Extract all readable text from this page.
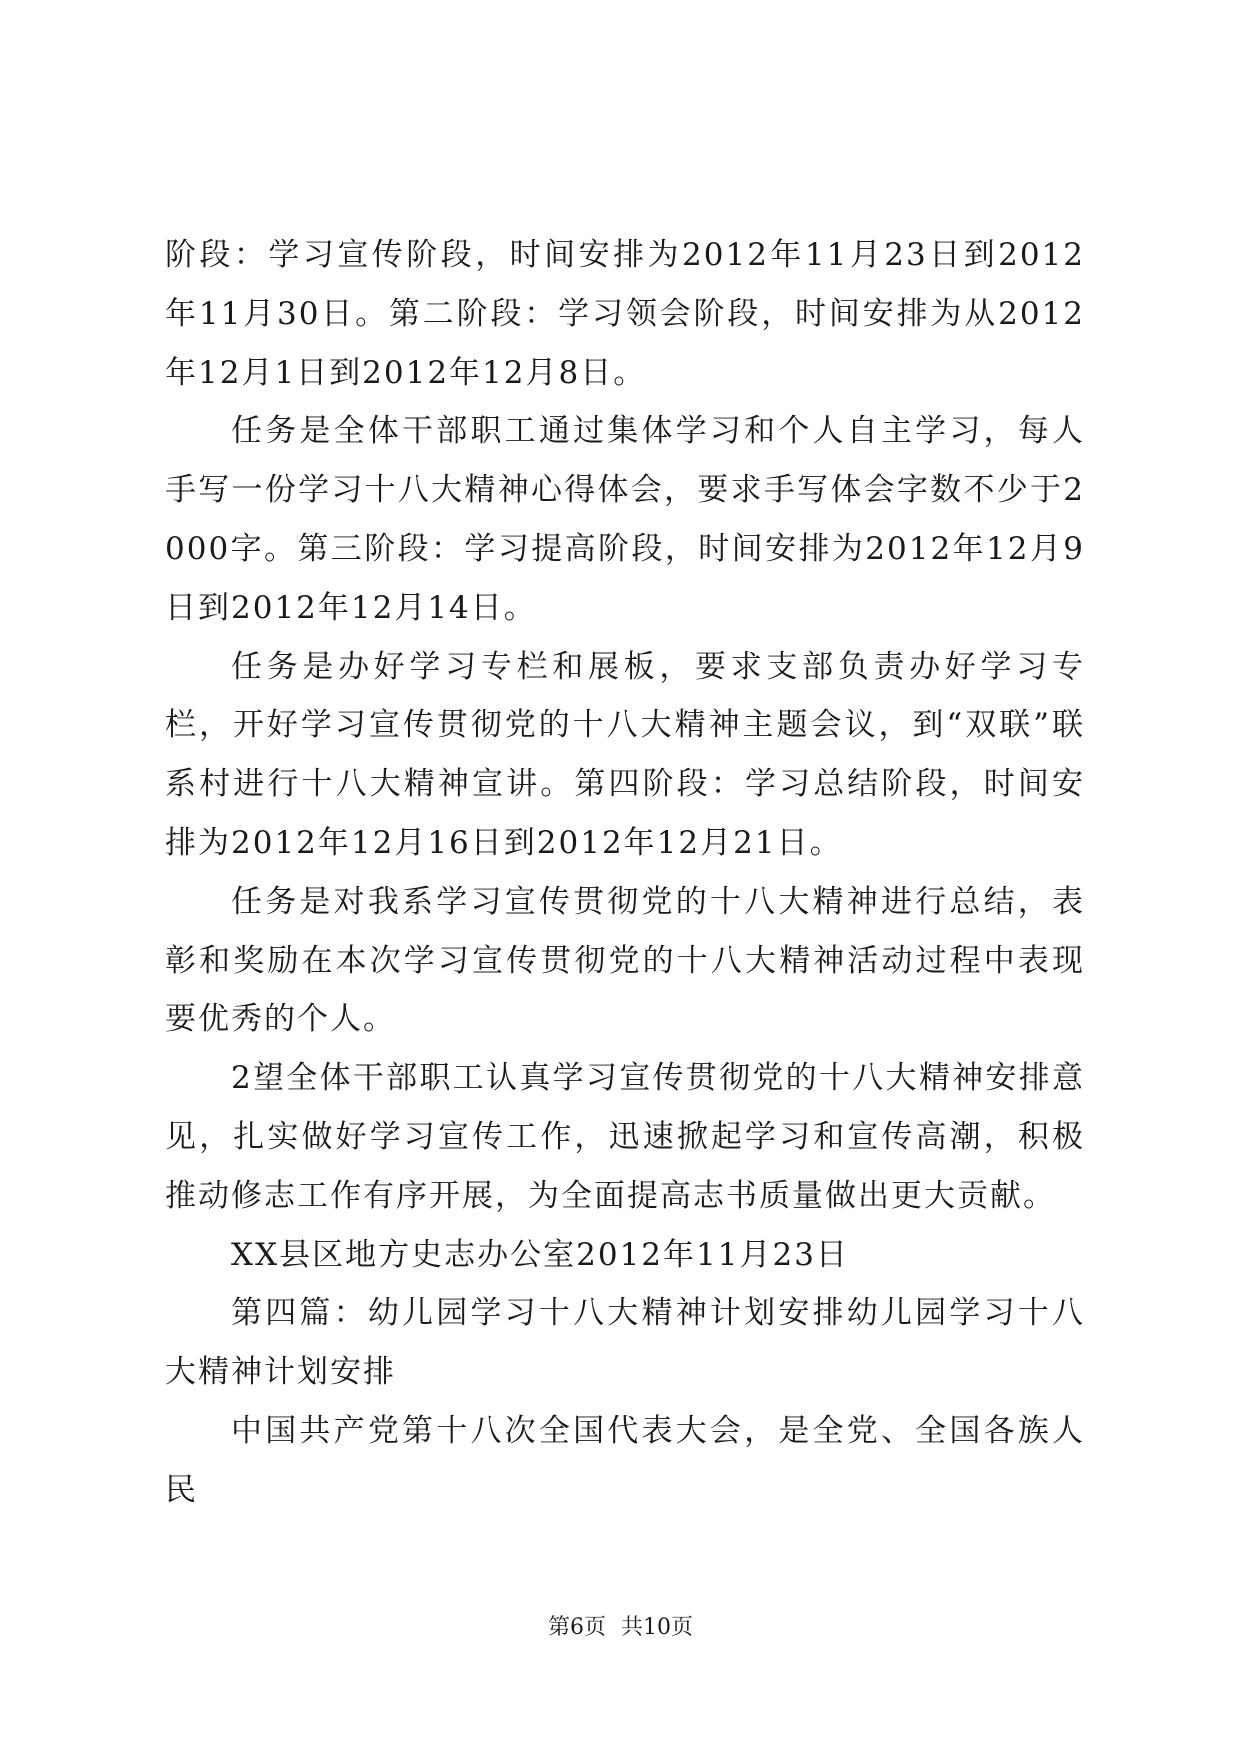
阶段：学习宣传阶段，时间安排为2012年11月23日到2012年11月30日。第二阶段：学习领会阶段，时间安排为从2012年12月1日到2012年12月8日。

任务是全体干部职工通过集体学习和个人自主学习，每人手写一份学习十八大精神心得体会，要求手写体会字数不少于2000字。第三阶段：学习提高阶段，时间安排为2012年12月9日到2012年12月14日。

任务是办好学习专栏和展板，要求支部负责办好学习专栏，开好学习宣传贯彻党的十八大精神主题会议，到“双联”联系村进行十八大精神宣讲。第四阶段：学习总结阶段，时间安排为2012年12月16日到2012年12月21日。

任务是对我系学习宣传贯彻党的十八大精神进行总结，表彰和奖励在本次学习宣传贯彻党的十八大精神活动过程中表现要优秀的个人。

2望全体干部职工认真学习宣传贯彻党的十八大精神安排意见，扎实做好学习宣传工作，迅速掀起学习和宣传高潮，积极推动修志工作有序开展，为全面提高志书质量做出更大贡献。

XX县区地方史志办公室2012年11月23日

第四篇：幼儿园学习十八大精神计划安排幼儿园学习十八大精神计划安排

中国共产党第十八次全国代表大会，是全党、全国各族人民

第6页 共10页
